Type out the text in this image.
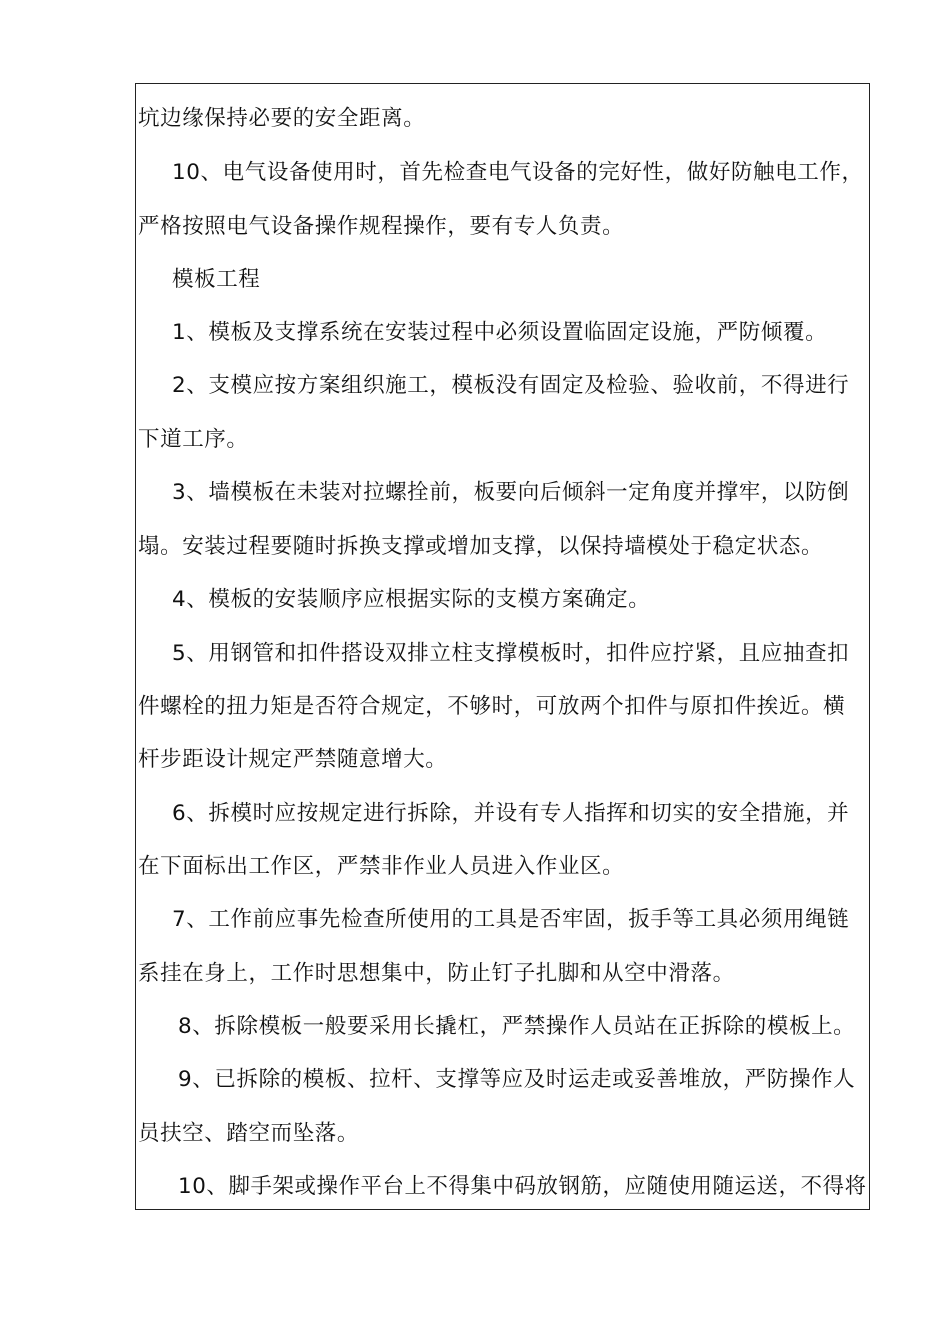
坑边缘保持必要的安全距离。
10、电气设备使用时，首先检查电气设备的完好性，做好防触电工作，
严格按照电气设备操作规程操作，要有专人负责。
模板工程
1、模板及支撑系统在安装过程中必须设置临固定设施，严防倾覆。
2、支模应按方案组织施工，模板没有固定及检验、验收前，不得进行
下道工序。
3、墙模板在未装对拉螺拴前，板要向后倾斜一定角度并撑牢，以防倒
塌。安装过程要随时拆换支撑或增加支撑，以保持墙模处于稳定状态。
4、模板的安装顺序应根据实际的支模方案确定。
5、用钢管和扣件搭设双排立柱支撑模板时，扣件应拧紧，且应抽查扣
件螺栓的扭力矩是否符合规定，不够时，可放两个扣件与原扣件挨近。横
杆步距设计规定严禁随意增大。
6、拆模时应按规定进行拆除，并设有专人指挥和切实的安全措施，并
在下面标出工作区，严禁非作业人员进入作业区。
7、工作前应事先检查所使用的工具是否牢固，扳手等工具必须用绳链
系挂在身上，工作时思想集中，防止钉子扎脚和从空中滑落。
8、拆除模板一般要采用长撬杠，严禁操作人员站在正拆除的模板上。
9、已拆除的模板、拉杆、支撑等应及时运走或妥善堆放，严防操作人
员扶空、踏空而坠落。
10、脚手架或操作平台上不得集中码放钢筋，应随使用随运送，不得将
